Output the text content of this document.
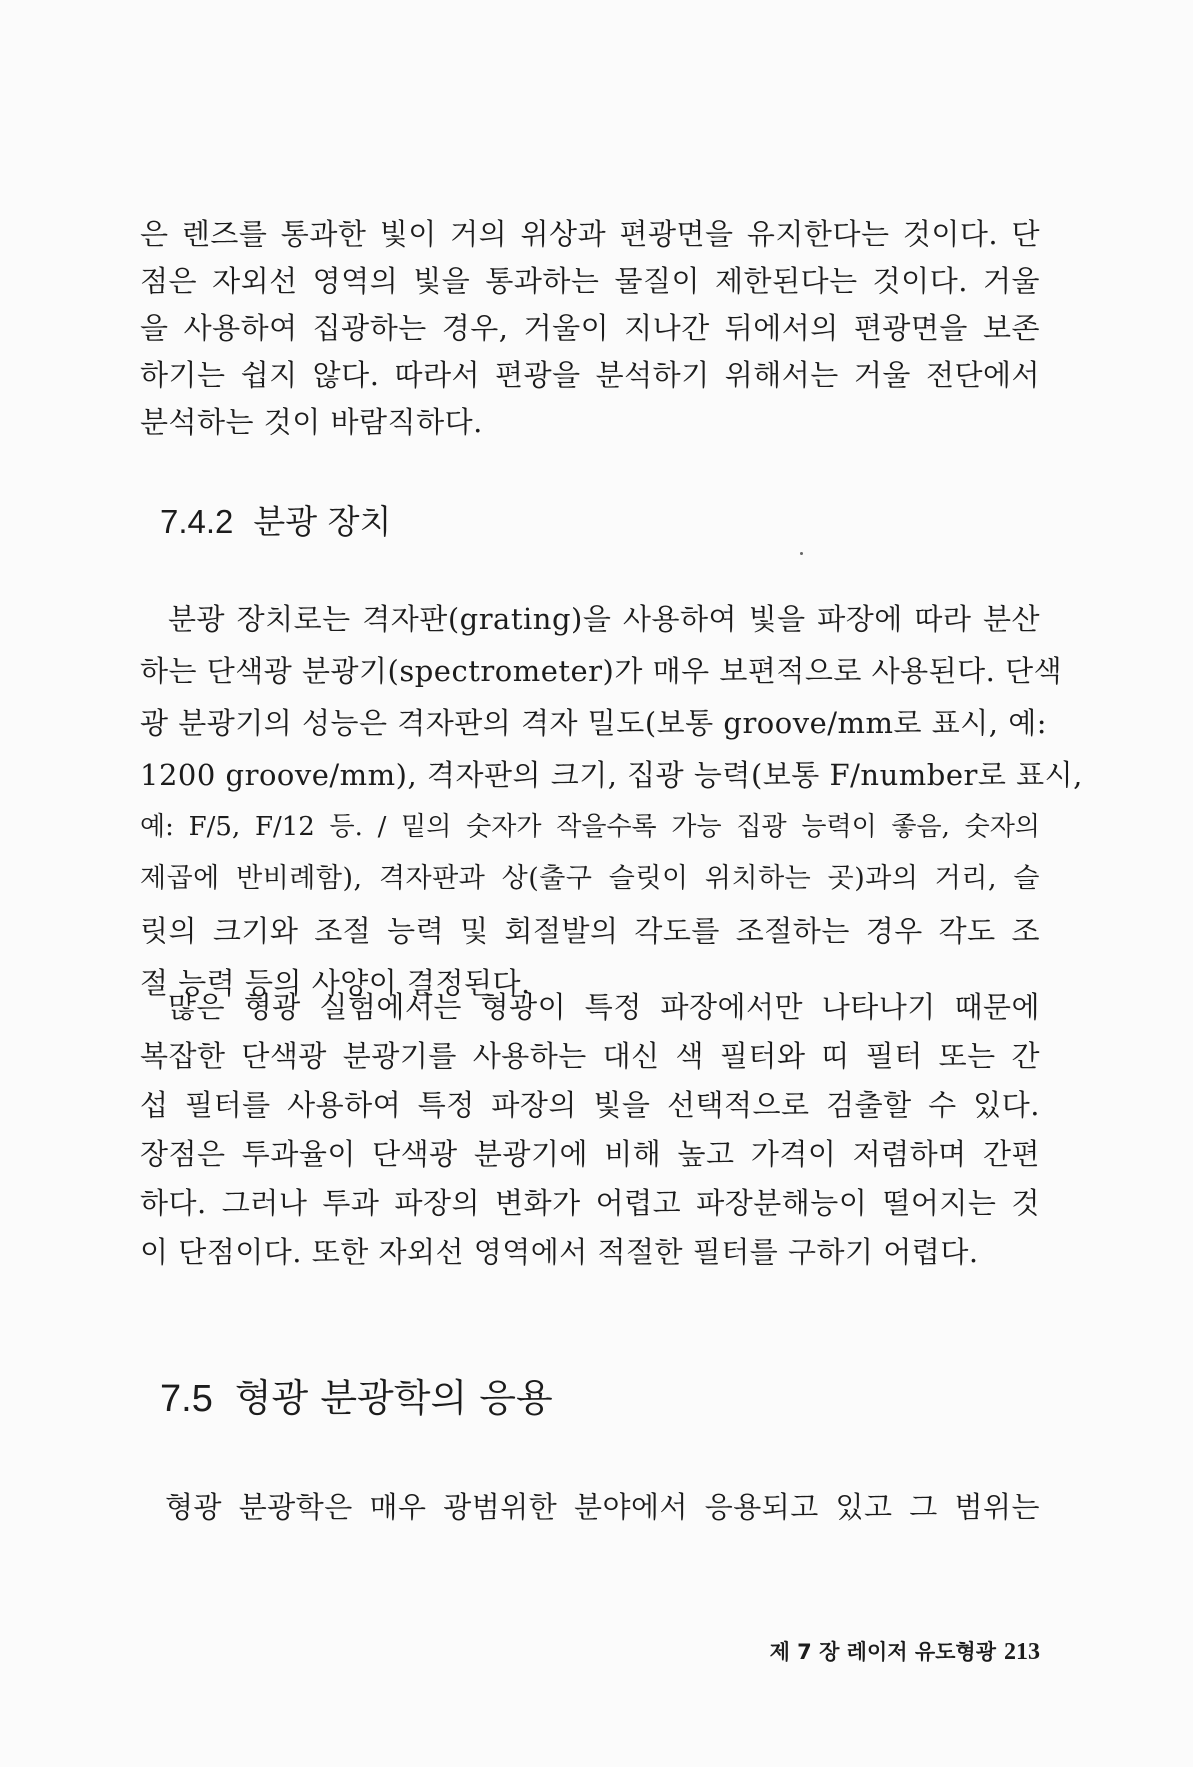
은 렌즈를 통과한 빛이 거의 위상과 편광면을 유지한다는 것이다. 단
점은 자외선 영역의 빛을 통과하는 물질이 제한된다는 것이다. 거울
을 사용하여 집광하는 경우, 거울이 지나간 뒤에서의 편광면을 보존
하기는 쉽지 않다. 따라서 편광을 분석하기 위해서는 거울 전단에서
분석하는 것이 바람직하다.
7.4.2 분광 장치
분광 장치로는 격자판(grating)을 사용하여 빛을 파장에 따라 분산
하는 단색광 분광기(spectrometer)가 매우 보편적으로 사용된다. 단색
광 분광기의 성능은 격자판의 격자 밀도(보통 groove/mm로 표시, 예:
1200 groove/mm), 격자판의 크기, 집광 능력(보통 F/number로 표시,
예: F/5, F/12 등. / 밑의 숫자가 작을수록 가능 집광 능력이 좋음, 숫자의
제곱에 반비례함), 격자판과 상(출구 슬릿이 위치하는 곳)과의 거리, 슬
릿의 크기와 조절 능력 및 회절발의 각도를 조절하는 경우 각도 조
절 능력 등의 사양이 결정된다.
많은 형광 실험에서는 형광이 특정 파장에서만 나타나기 때문에
복잡한 단색광 분광기를 사용하는 대신 색 필터와 띠 필터 또는 간
섭 필터를 사용하여 특정 파장의 빛을 선택적으로 검출할 수 있다.
장점은 투과율이 단색광 분광기에 비해 높고 가격이 저렴하며 간편
하다. 그러나 투과 파장의 변화가 어렵고 파장분해능이 떨어지는 것
이 단점이다. 또한 자외선 영역에서 적절한 필터를 구하기 어렵다.
7.5 형광 분광학의 응용
형광 분광학은 매우 광범위한 분야에서 응용되고 있고 그 범위는
제 7 장 레이저 유도형광 213
